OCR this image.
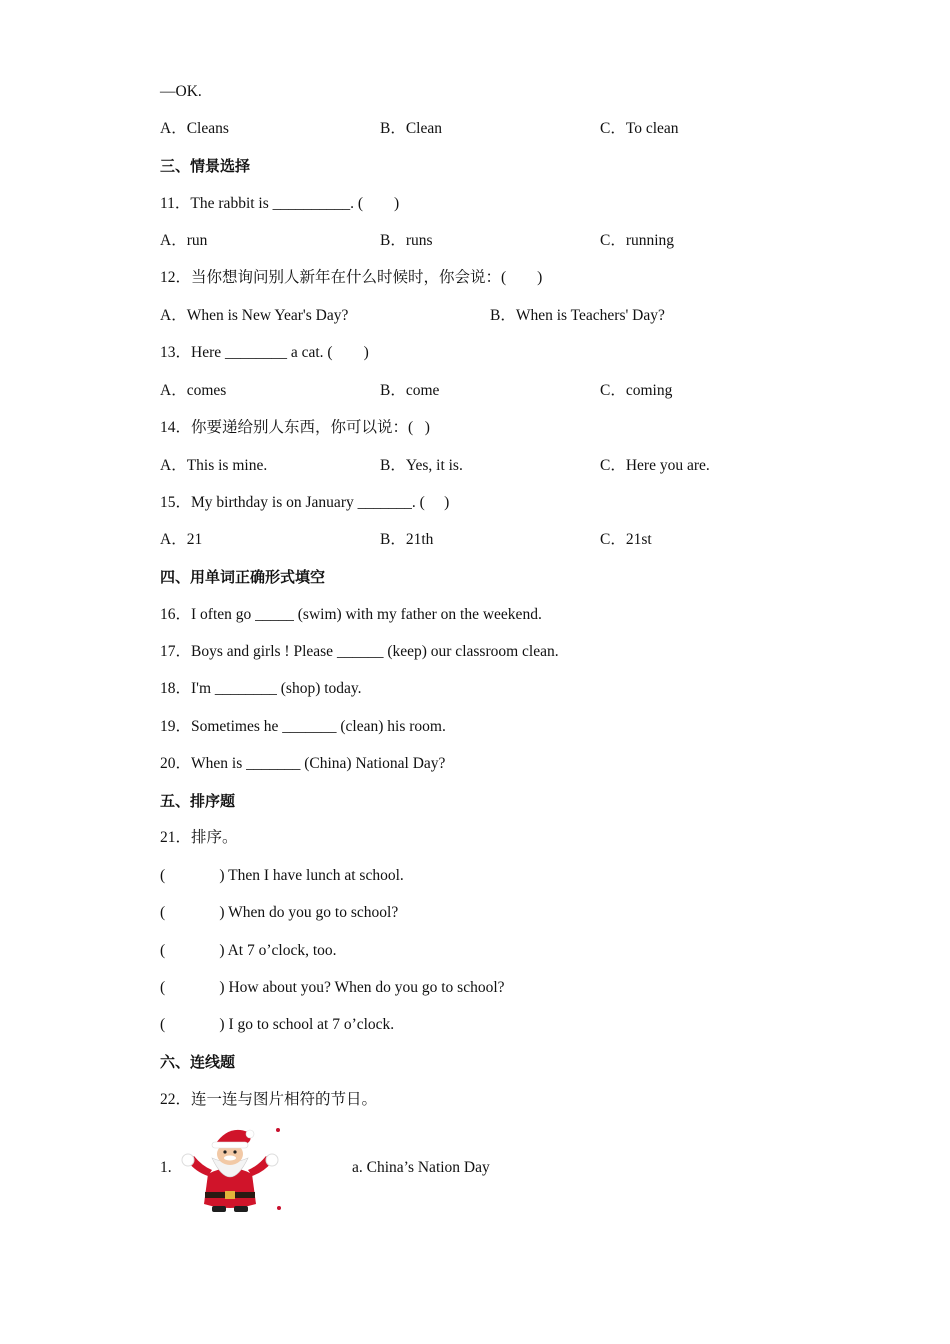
—OK.
A．Cleans	B．Clean	C．To clean
三、情景选择
11．The rabbit is __________. (        )
A．run	B．runs	C．running
12．当你想询问别人新年在什么时候时，你会说：(        )
A．When is New Year's Day?	B．When is Teachers' Day?
13．Here ________ a cat. (        )
A．comes	B．come	C．coming
14．你要递给别人东西，你可以说：(   )
A．This is mine.	B．Yes, it is.	C．Here you are.
15．My birthday is on January _______. (     )
A．21	B．21th	C．21st
四、用单词正确形式填空
16．I often go _____ (swim) with my father on the weekend.
17．Boys and girls ! Please ______ (keep) our classroom clean.
18．I'm ________ (shop) today.
19．Sometimes he _______ (clean) his room.
20．When is _______ (China) National Day?
五、排序题
21．排序。
(              ) Then I have lunch at school.
(              ) When do you go to school?
(              ) At 7 o’clock, too.
(              ) How about you? When do you go to school?
(              ) I go to school at 7 o’clock.
六、连线题
22．连一连与图片相符的节日。
1.	a. China’s Nation Day
